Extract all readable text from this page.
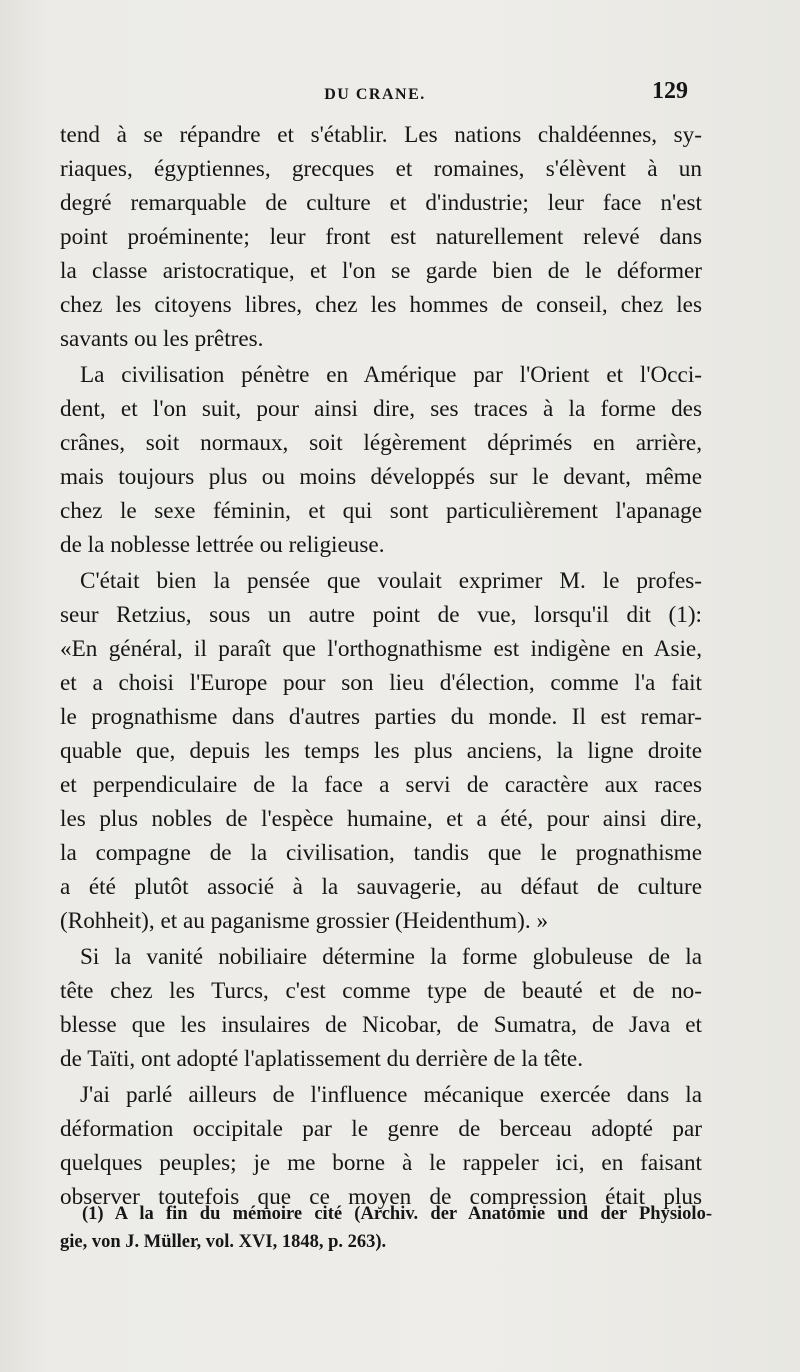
DU CRANE.	129
tend à se répandre et s'établir. Les nations chaldéennes, sy-
riaques, égyptiennes, grecques et romaines, s'élèvent à un
degré remarquable de culture et d'industrie; leur face n'est
point proéminente; leur front est naturellement relevé dans
la classe aristocratique, et l'on se garde bien de le déformer
chez les citoyens libres, chez les hommes de conseil, chez les
savants ou les prêtres.
La civilisation pénètre en Amérique par l'Orient et l'Occi-
dent, et l'on suit, pour ainsi dire, ses traces à la forme des
crânes, soit normaux, soit légèrement déprimés en arrière,
mais toujours plus ou moins développés sur le devant, même
chez le sexe féminin, et qui sont particulièrement l'apanage
de la noblesse lettrée ou religieuse.
C'était bien la pensée que voulait exprimer M. le profes-
seur Retzius, sous un autre point de vue, lorsqu'il dit (1):
«En général, il paraît que l'orthognathisme est indigène en Asie,
et a choisi l'Europe pour son lieu d'élection, comme l'a fait
le prognathisme dans d'autres parties du monde. Il est remar-
quable que, depuis les temps les plus anciens, la ligne droite
et perpendiculaire de la face a servi de caractère aux races
les plus nobles de l'espèce humaine, et a été, pour ainsi dire,
la compagne de la civilisation, tandis que le prognathisme
a été plutôt associé à la sauvagerie, au défaut de culture
(Rohheit), et au paganisme grossier (Heidenthum). »
Si la vanité nobiliaire détermine la forme globuleuse de la
tête chez les Turcs, c'est comme type de beauté et de no-
blesse que les insulaires de Nicobar, de Sumatra, de Java et
de Taïti, ont adopté l'aplatissement du derrière de la tête.
J'ai parlé ailleurs de l'influence mécanique exercée dans la
déformation occipitale par le genre de berceau adopté par
quelques peuples; je me borne à le rappeler ici, en faisant
observer toutefois que ce moyen de compression était plus
(1) A la fin du mémoire cité (Archiv. der Anatomie und der Physiolo-
gie, von J. Müller, vol. XVI, 1848, p. 263).
